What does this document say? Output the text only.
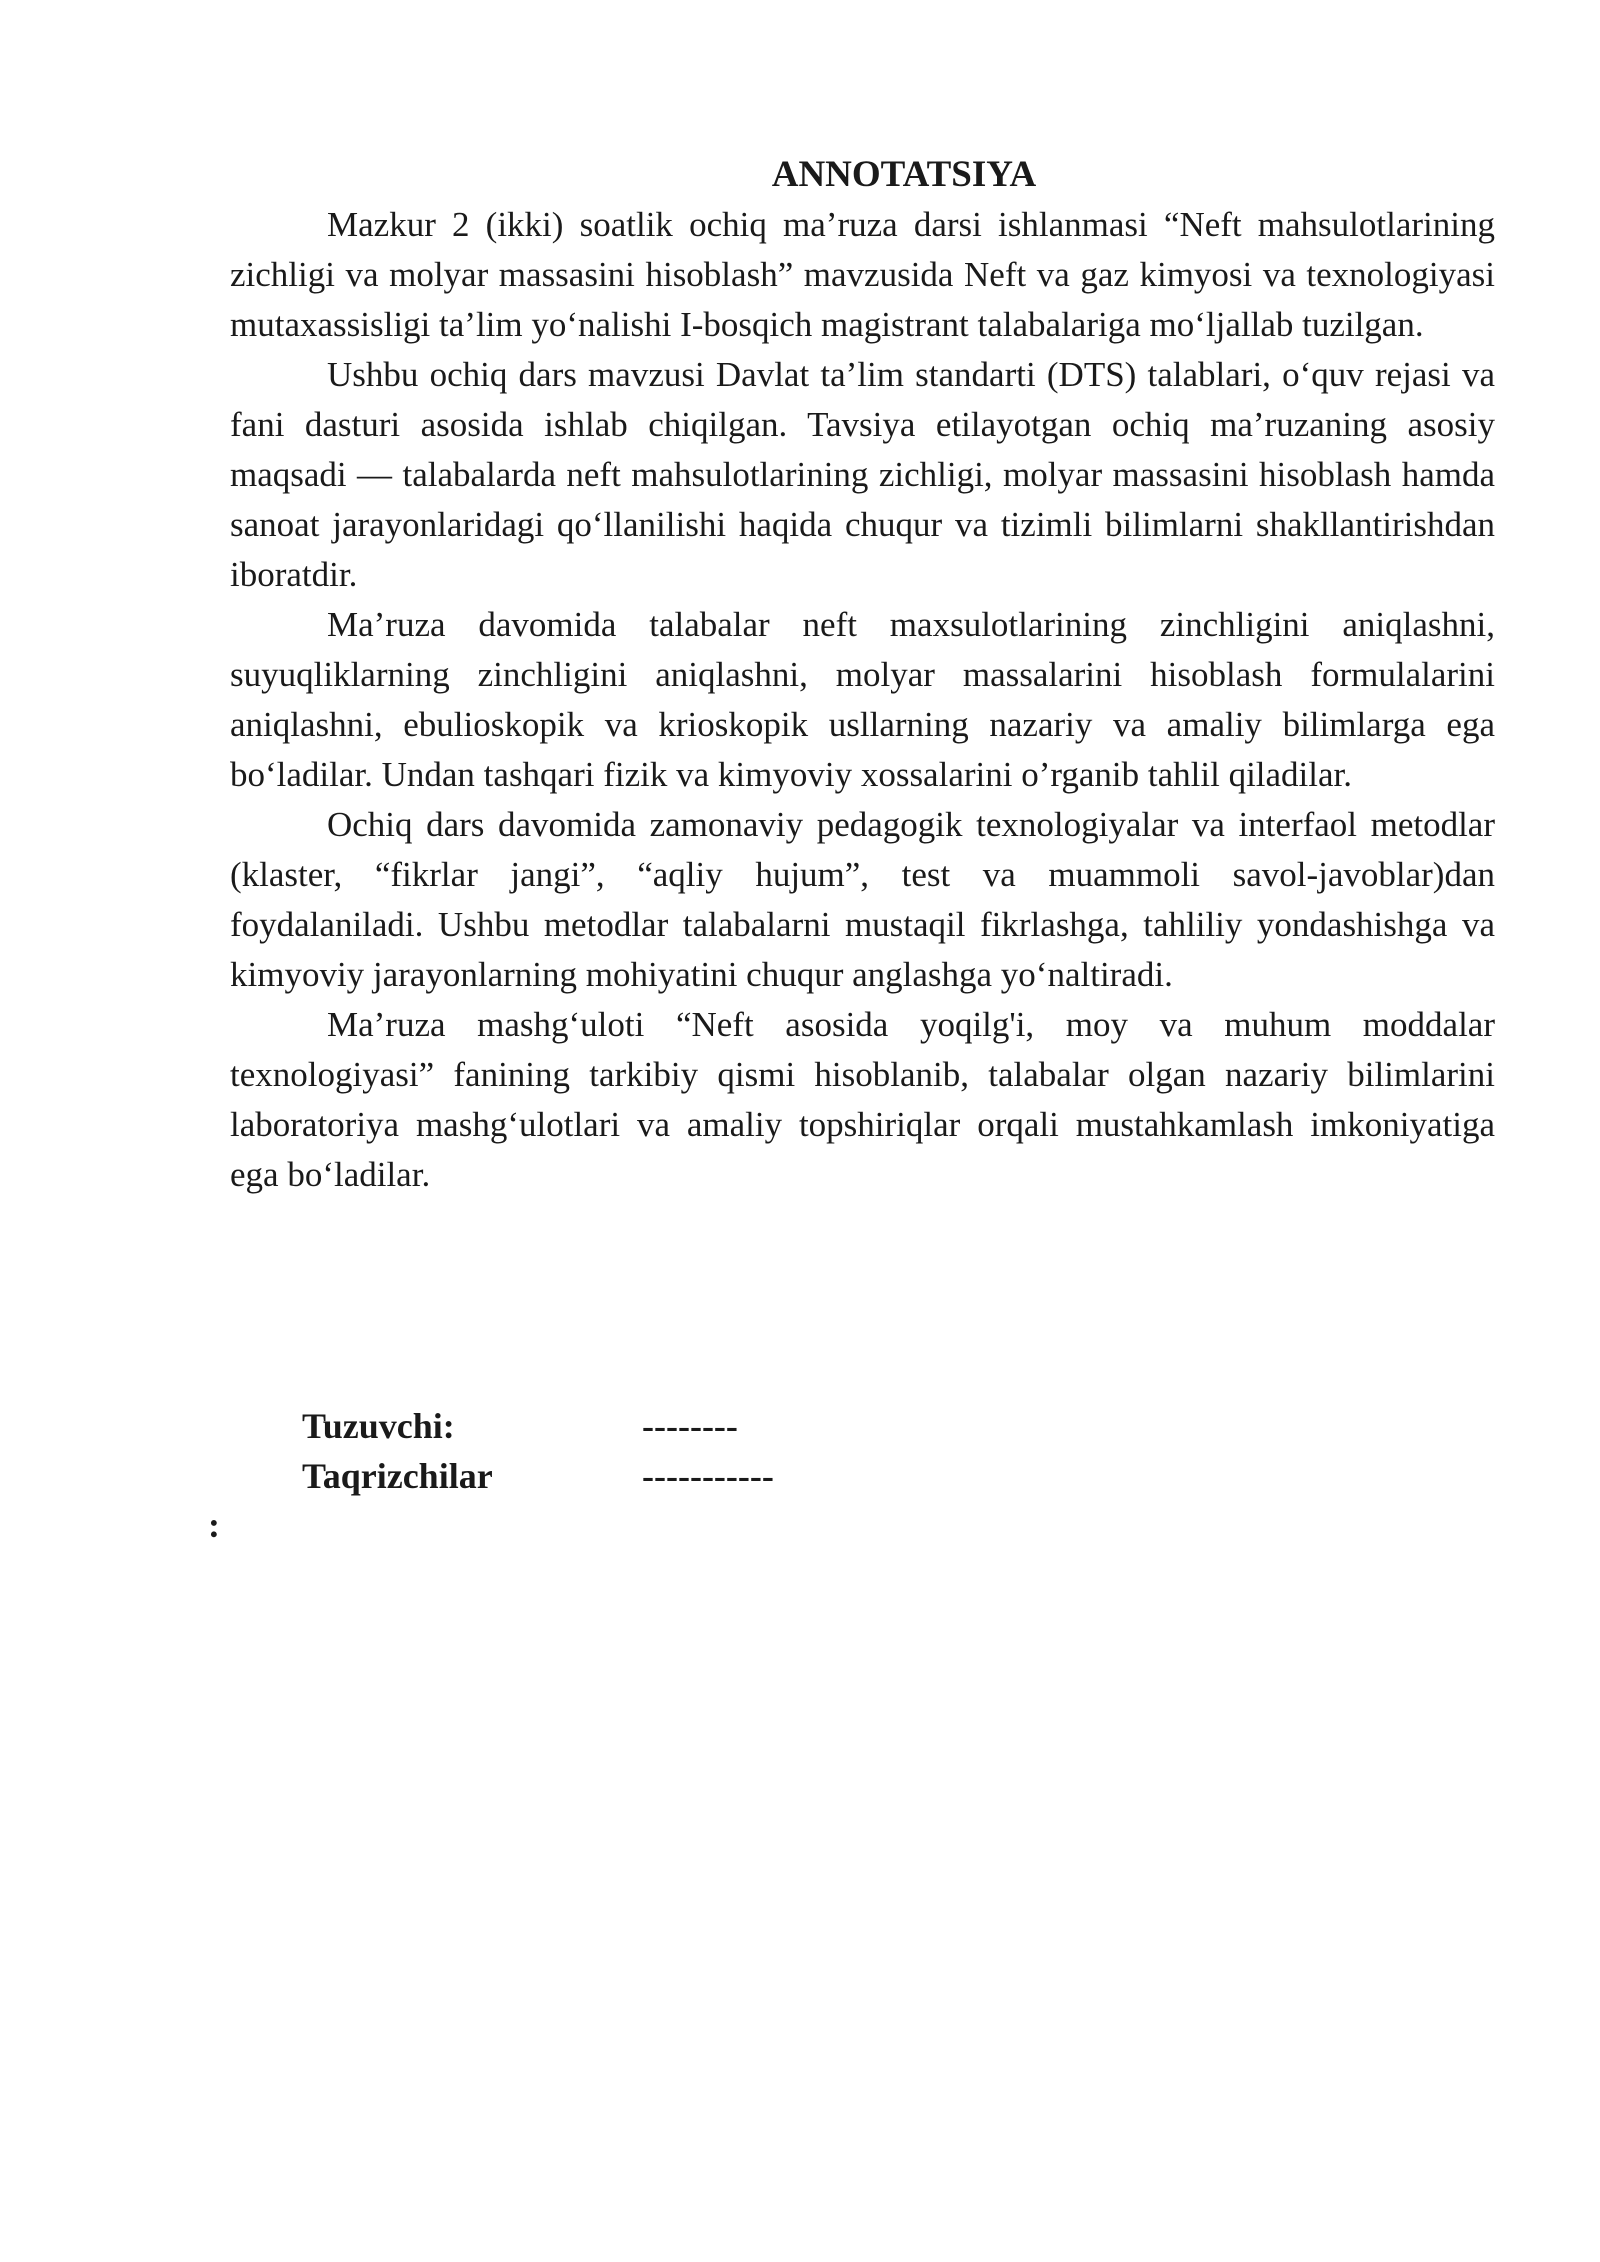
ANNOTATSIYA

Mazkur 2 (ikki) soatlik ochiq ma’ruza darsi ishlanmasi “Neft mahsulotlarining zichligi va molyar massasini hisoblash” mavzusida Neft va gaz kimyosi va texnologiyasi mutaxassisligi ta’lim yo‘nalishi I-bosqich magistrant talabalariga mo‘ljallab tuzilgan.

Ushbu ochiq dars mavzusi Davlat ta’lim standarti (DTS) talablari, o‘quv rejasi va fani dasturi asosida ishlab chiqilgan. Tavsiya etilayotgan ochiq ma’ruzaning asosiy maqsadi — talabalarda neft mahsulotlarining zichligi, molyar massasini hisoblash hamda sanoat jarayonlaridagi qo‘llanilishi haqida chuqur va tizimli bilimlarni shakllantirishdan iboratdir.

Ma’ruza davomida talabalar neft maxsulotlarining zinchligini aniqlashni, suyuqliklarning zinchligini aniqlashni, molyar massalarini hisoblash formulalarini aniqlashni, ebulioskopik va krioskopik usllarning nazariy va amaliy bilimlarga ega bo‘ladilar. Undan tashqari fizik va kimyoviy xossalarini o’rganib tahlil qiladilar.

Ochiq dars davomida zamonaviy pedagogik texnologiyalar va interfaol metodlar (klaster, “fikrlar jangi”, “aqliy hujum”, test va muammoli savol-javoblar)dan foydalaniladi. Ushbu metodlar talabalarni mustaqil fikrlashga, tahliliy yondashishga va kimyoviy jarayonlarning mohiyatini chuqur anglashga yo‘naltiradi.

Ma’ruza mashg‘uloti “Neft asosida yoqilg'i, moy va muhum moddalar texnologiyasi” fanining tarkibiy qismi hisoblanib, talabalar olgan nazariy bilimlarini laboratoriya mashg‘ulotlari va amaliy topshiriqlar orqali mustahkamlash imkoniyatiga ega bo‘ladilar.

Tuzuvchi:	--------
Taqrizchilar	-----------
:
